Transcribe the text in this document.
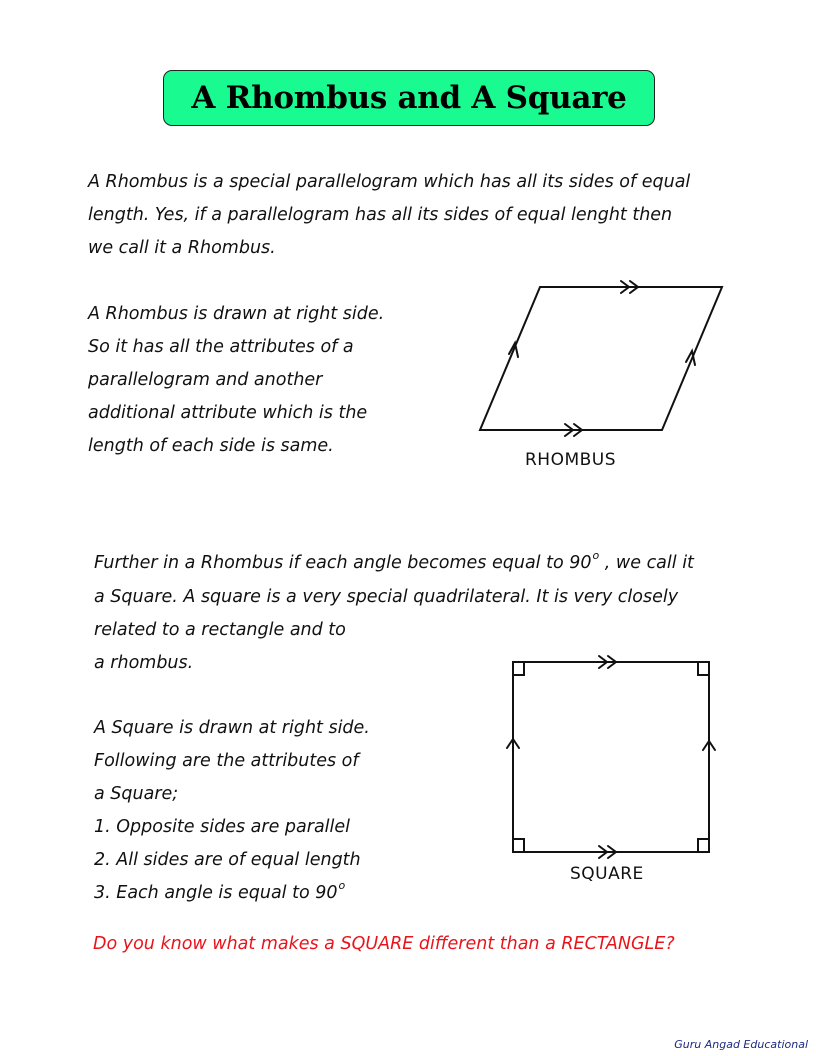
A Rhombus and A Square

A Rhombus is a special parallelogram which has all its sides of equal
length. Yes, if a parallelogram has all its sides of equal lenght then
we call it a Rhombus.

A Rhombus is drawn at right side.
So it has all the attributes of a
parallelogram and another
additional attribute which is the
length of each side is same.

RHOMBUS

Further in a Rhombus if each angle becomes equal to 90$^o$ , we call it
a Square. A square is a very special quadrilateral. It is very closely
related to a rectangle and to
a rhombus.

A Square is drawn at right side.
Following are the attributes of
a Square;
1. Opposite sides are parallel
2. All sides are of equal length
3. Each angle is equal to 90$^o$

SQUARE
Do you know what makes a SQUARE different than a RECTANGLE?
Guru Angad Educational
